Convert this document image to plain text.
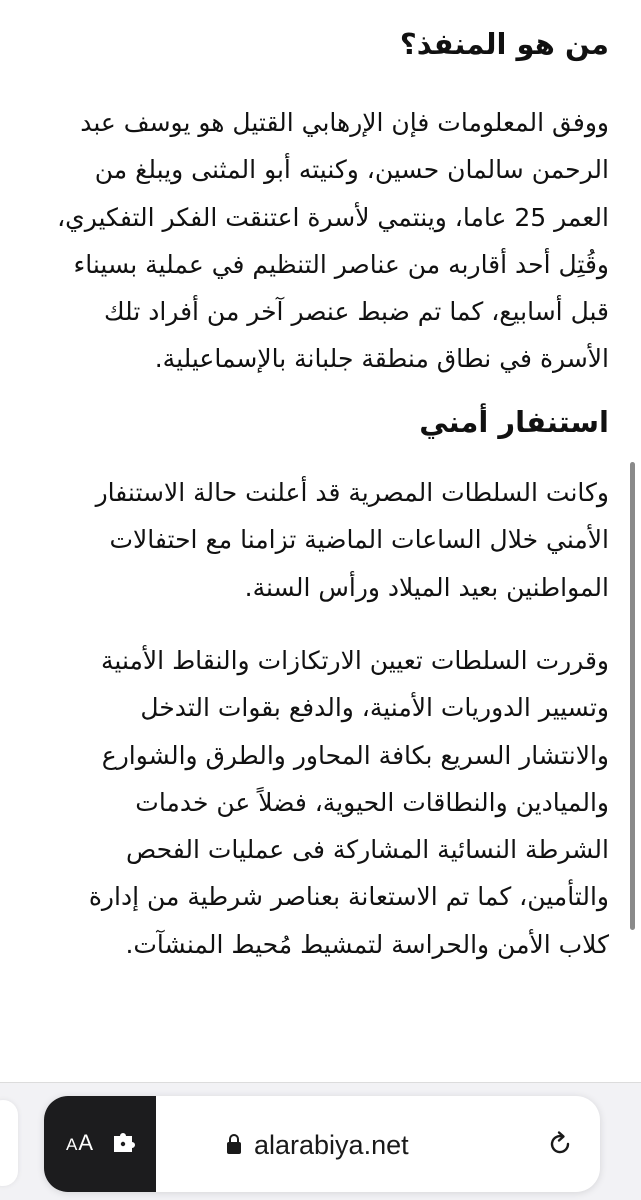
من هو المنفذ؟

ووفق المعلومات فإن الإرهابي القتيل هو يوسف عبد
الرحمن سالمان حسين، وكنيته أبو المثنى ويبلغ من
العمر 25 عاما، وينتمي لأسرة اعتنقت الفكر التفكيري،
وقُتِل أحد أقاربه من عناصر التنظيم في عملية بسيناء
قبل أسابيع، كما تم ضبط عنصر آخر من أفراد تلك
الأسرة في نطاق منطقة جلبانة بالإسماعيلية.

استنفار أمني

وكانت السلطات المصرية قد أعلنت حالة الاستنفار
الأمني خلال الساعات الماضية تزامنا مع احتفالات
المواطنين بعيد الميلاد ورأس السنة.

وقررت السلطات تعيين الارتكازات والنقاط الأمنية
وتسيير الدوريات الأمنية، والدفع بقوات التدخل
والانتشار السريع بكافة المحاور والطرق والشوارع
والميادين والنطاقات الحيوية، فضلاً عن خدمات
الشرطة النسائية المشاركة فى عمليات الفحص
والتأمين، كما تم الاستعانة بعناصر شرطية من إدارة
كلاب الأمن والحراسة لتمشيط مُحيط المنشآت.

AA	alarabiya.net
